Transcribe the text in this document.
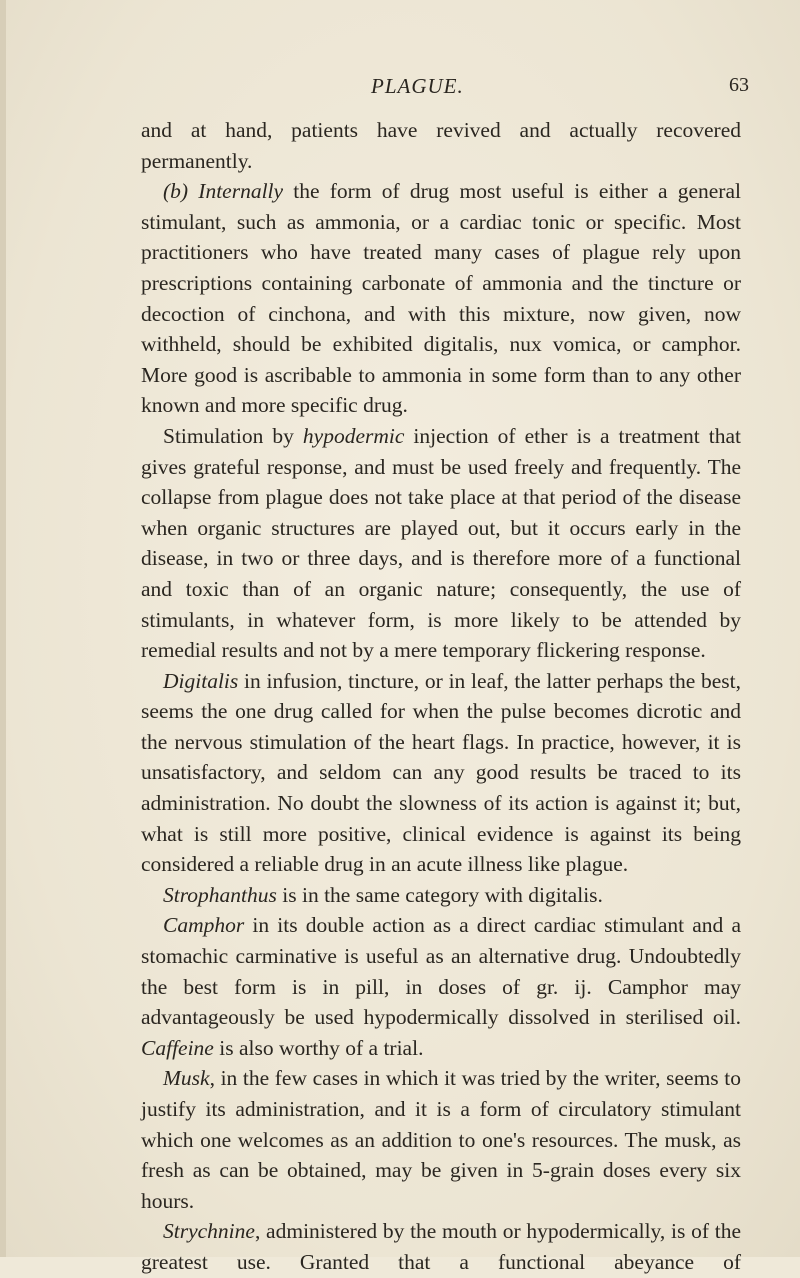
PLAGUE.	63

and at hand, patients have revived and actually recovered permanently.

(b) Internally the form of drug most useful is either a general stimulant, such as ammonia, or a cardiac tonic or specific. Most practitioners who have treated many cases of plague rely upon prescriptions containing carbonate of ammonia and the tincture or decoction of cinchona, and with this mixture, now given, now withheld, should be exhibited digitalis, nux vomica, or camphor. More good is ascribable to ammonia in some form than to any other known and more specific drug.

Stimulation by hypodermic injection of ether is a treatment that gives grateful response, and must be used freely and frequently. The collapse from plague does not take place at that period of the disease when organic structures are played out, but it occurs early in the disease, in two or three days, and is therefore more of a functional and toxic than of an organic nature; consequently, the use of stimulants, in whatever form, is more likely to be attended by remedial results and not by a mere temporary flickering response.

Digitalis in infusion, tincture, or in leaf, the latter perhaps the best, seems the one drug called for when the pulse becomes dicrotic and the nervous stimulation of the heart flags. In practice, however, it is unsatisfactory, and seldom can any good results be traced to its administration. No doubt the slowness of its action is against it; but, what is still more positive, clinical evidence is against its being considered a reliable drug in an acute illness like plague.

Strophanthus is in the same category with digitalis.

Camphor in its double action as a direct cardiac stimulant and a stomachic carminative is useful as an alternative drug. Undoubtedly the best form is in pill, in doses of gr. ij. Camphor may advantageously be used hypodermically dissolved in sterilised oil. Caffeine is also worthy of a trial.

Musk, in the few cases in which it was tried by the writer, seems to justify its administration, and it is a form of circulatory stimulant which one welcomes as an addition to one's resources. The musk, as fresh as can be obtained, may be given in 5-grain doses every six hours.

Strychnine, administered by the mouth or hypodermically, is of the greatest use. Granted that a functional abeyance of
